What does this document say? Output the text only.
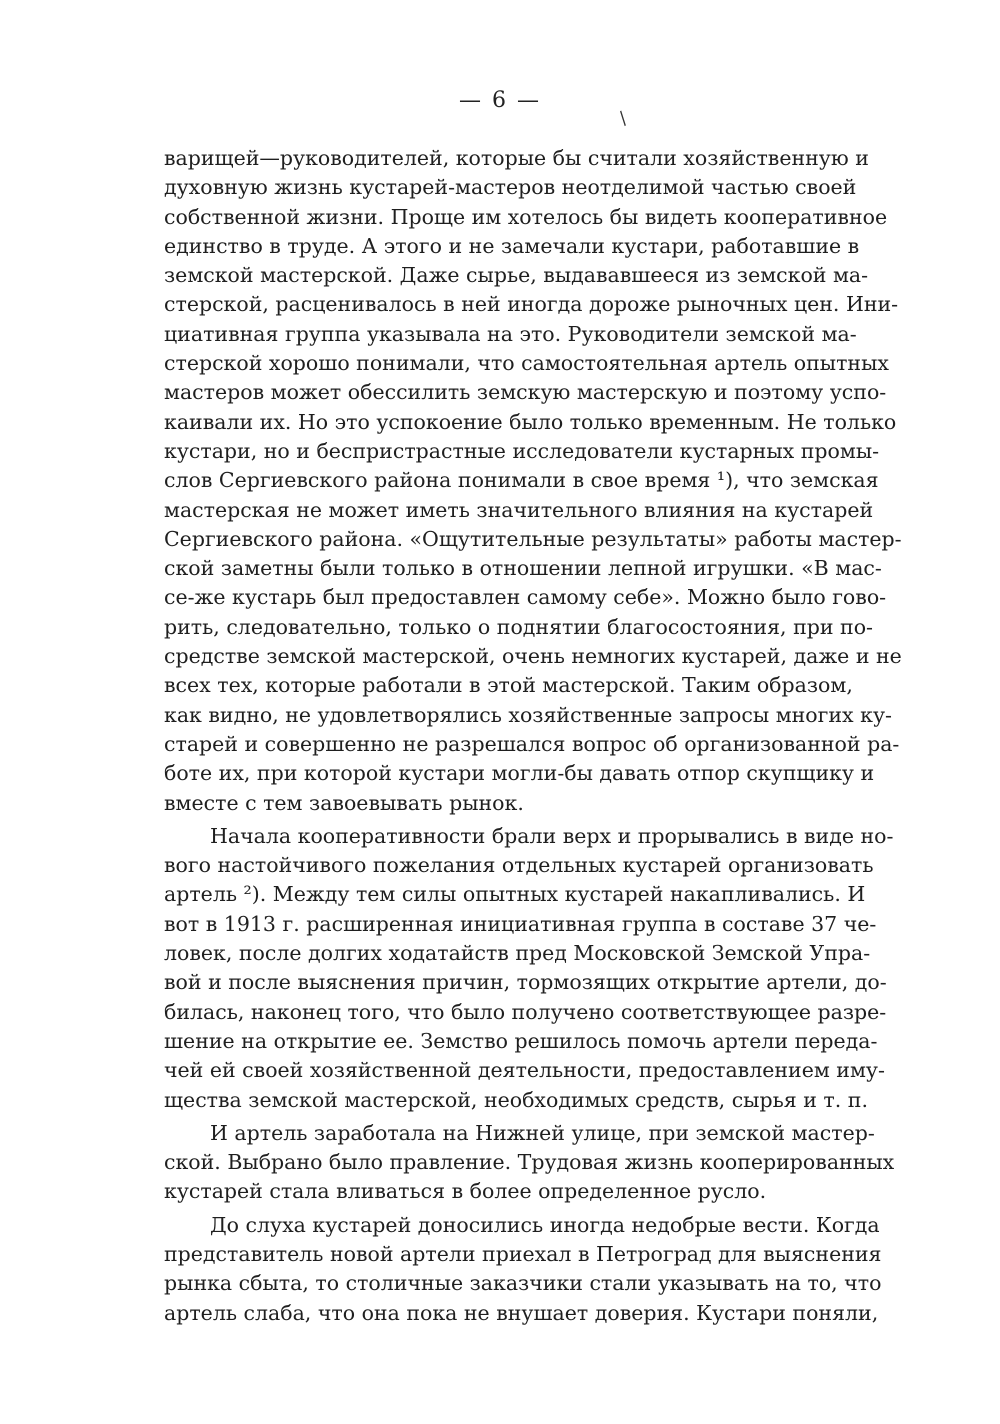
— 6 —
/
варищей—руководителей, которые бы считали хозяйственную и
духовную жизнь кустарей-мастеров неотделимой частью своей
собственной жизни. Проще им хотелось бы видеть кооперативное
единство в труде. А этого и не замечали кустари, работавшие в
земской мастерской. Даже сырье, выдававшееся из земской ма-
стерской, расценивалось в ней иногда дороже рыночных цен. Ини-
циативная группа указывала на это. Руководители земской ма-
стерской хорошо понимали, что самостоятельная артель опытных
мастеров может обессилить земскую мастерскую и поэтому успо-
каивали их. Но это успокоение было только временным. Не только
кустари, но и беспристрастные исследователи кустарных промы-
слов Сергиевского района понимали в свое время ¹), что земская
мастерская не может иметь значительного влияния на кустарей
Сергиевского района. «Ощутительные результаты» работы мастер-
ской заметны были только в отношении лепной игрушки. «В мас-
се-же кустарь был предоставлен самому себе». Можно было гово-
рить, следовательно, только о поднятии благосостояния, при по-
средстве земской мастерской, очень немногих кустарей, даже и не
всех тех, которые работали в этой мастерской. Таким образом,
как видно, не удовлетворялись хозяйственные запросы многих ку-
старей и совершенно не разрешался вопрос об организованной ра-
боте их, при которой кустари могли-бы давать отпор скупщику и
вместе с тем завоевывать рынок.
Начала кооперативности брали верх и прорывались в виде но-
вого настойчивого пожелания отдельных кустарей организовать
артель ²). Между тем силы опытных кустарей накапливались. И
вот в 1913 г. расширенная инициативная группа в составе 37 че-
ловек, после долгих ходатайств пред Московской Земской Упра-
вой и после выяснения причин, тормозящих открытие артели, до-
билась, наконец того, что было получено соответствующее разре-
шение на открытие ее. Земство решилось помочь артели переда-
чей ей своей хозяйственной деятельности, предоставлением иму-
щества земской мастерской, необходимых средств, сырья и т. п.
И артель заработала на Нижней улице, при земской мастер-
ской. Выбрано было правление. Трудовая жизнь кооперированных
кустарей стала вливаться в более определенное русло.
До слуха кустарей доносились иногда недобрые вести. Когда
представитель новой артели приехал в Петроград для выяснения
рынка сбыта, то столичные заказчики стали указывать на то, что
артель слаба, что она пока не внушает доверия. Кустари поняли,
